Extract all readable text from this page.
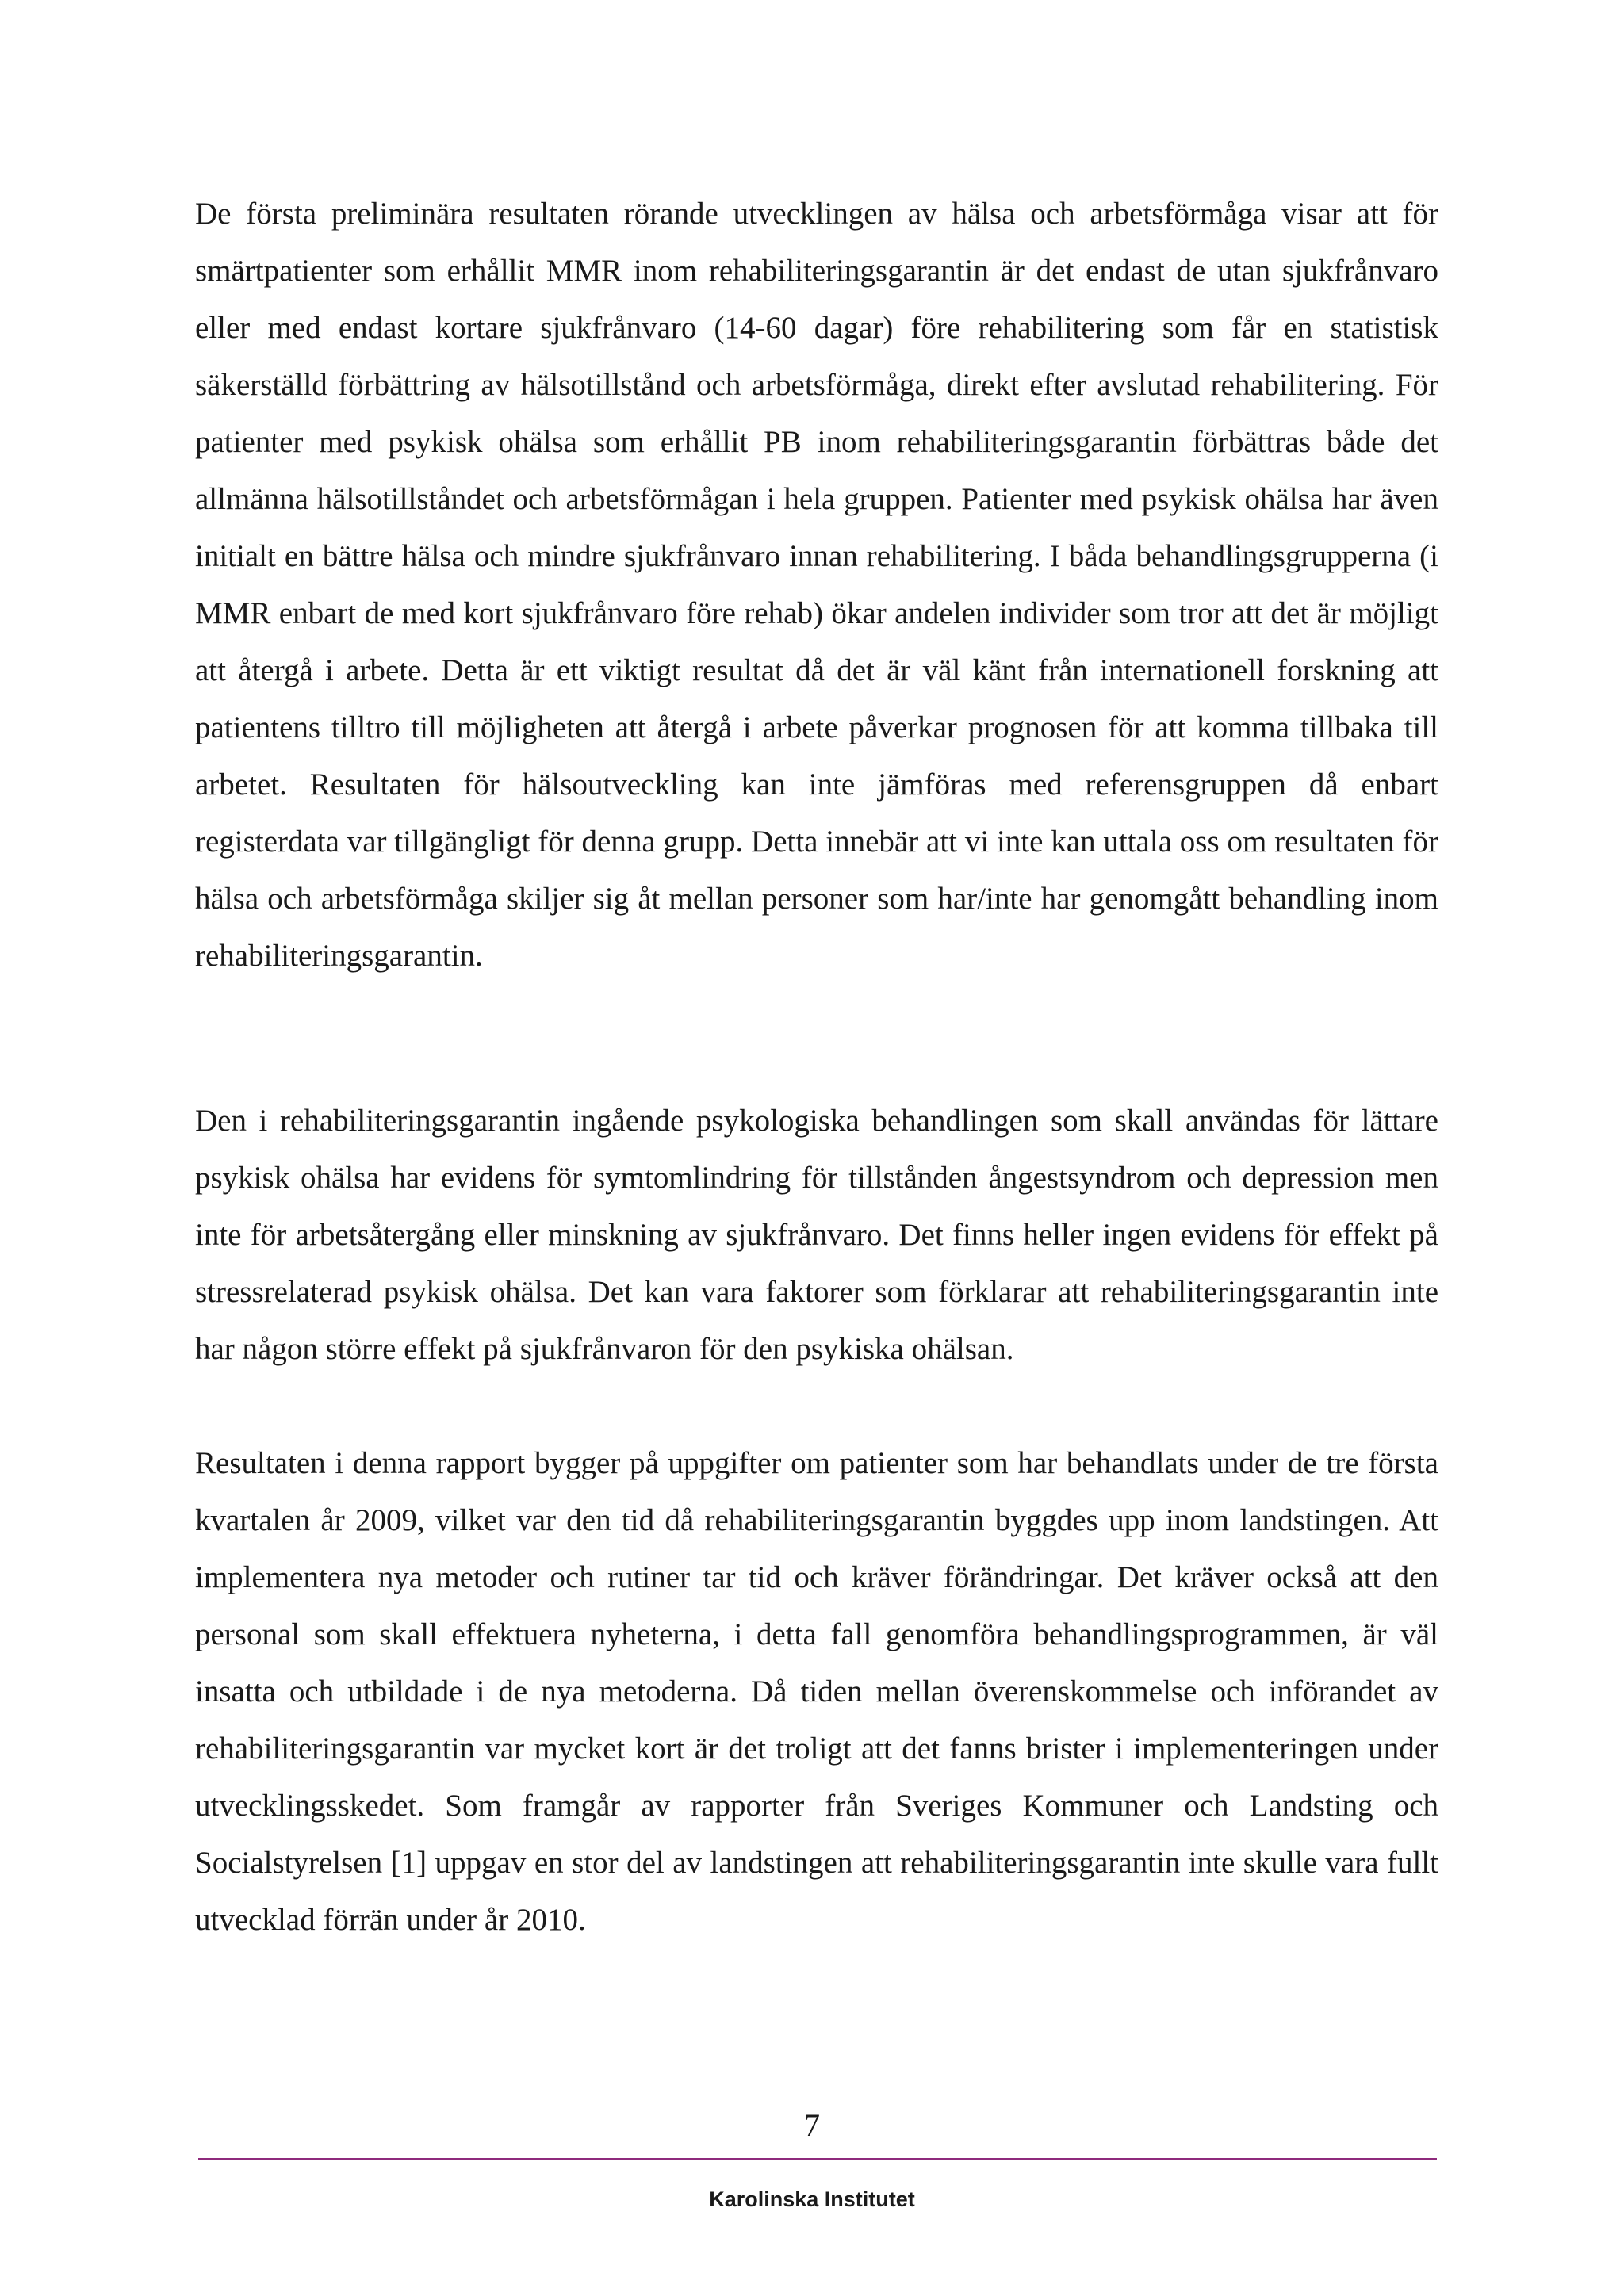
De första preliminära resultaten rörande utvecklingen av hälsa och arbetsförmåga visar att för smärtpatienter som erhållit MMR inom rehabiliteringsgarantin är det endast de utan sjukfrånvaro eller med endast kortare sjukfrånvaro (14-60 dagar) före rehabilitering som får en statistisk säkerställd förbättring av hälsotillstånd och arbetsförmåga, direkt efter avslutad rehabilitering. För patienter med psykisk ohälsa som erhållit PB inom rehabiliteringsgarantin förbättras både det allmänna hälsotillståndet och arbetsförmågan i hela gruppen. Patienter med psykisk ohälsa har även initialt en bättre hälsa och mindre sjukfrånvaro innan rehabilitering. I båda behandlingsgrupperna (i MMR enbart de med kort sjukfrånvaro före rehab) ökar andelen individer som tror att det är möjligt att återgå i arbete. Detta är ett viktigt resultat då det är väl känt från internationell forskning att patientens tilltro till möjligheten att återgå i arbete påverkar prognosen för att komma tillbaka till arbetet. Resultaten för hälsoutveckling kan inte jämföras med referensgruppen då enbart registerdata var tillgängligt för denna grupp. Detta innebär att vi inte kan uttala oss om resultaten för hälsa och arbetsförmåga skiljer sig åt mellan personer som har/inte har genomgått behandling inom rehabiliteringsgarantin.

Den i rehabiliteringsgarantin ingående psykologiska behandlingen som skall användas för lättare psykisk ohälsa har evidens för symtomlindring för tillstånden ångestsyndrom och depression men inte för arbetsåtergång eller minskning av sjukfrånvaro. Det finns heller ingen evidens för effekt på stressrelaterad psykisk ohälsa. Det kan vara faktorer som förklarar att rehabiliteringsgarantin inte har någon större effekt på sjukfrånvaron för den psykiska ohälsan.

Resultaten i denna rapport bygger på uppgifter om patienter som har behandlats under de tre första kvartalen år 2009, vilket var den tid då rehabiliteringsgarantin byggdes upp inom landstingen. Att implementera nya metoder och rutiner tar tid och kräver förändringar. Det kräver också att den personal som skall effektuera nyheterna, i detta fall genomföra behandlingsprogrammen, är väl insatta och utbildade i de nya metoderna. Då tiden mellan överenskommelse och införandet av rehabiliteringsgarantin var mycket kort är det troligt att det fanns brister i implementeringen under utvecklingsskedet. Som framgår av rapporter från Sveriges Kommuner och Landsting och Socialstyrelsen [1] uppgav en stor del av landstingen att rehabiliteringsgarantin inte skulle vara fullt utvecklad förrän under år 2010.

7
Karolinska Institutet
